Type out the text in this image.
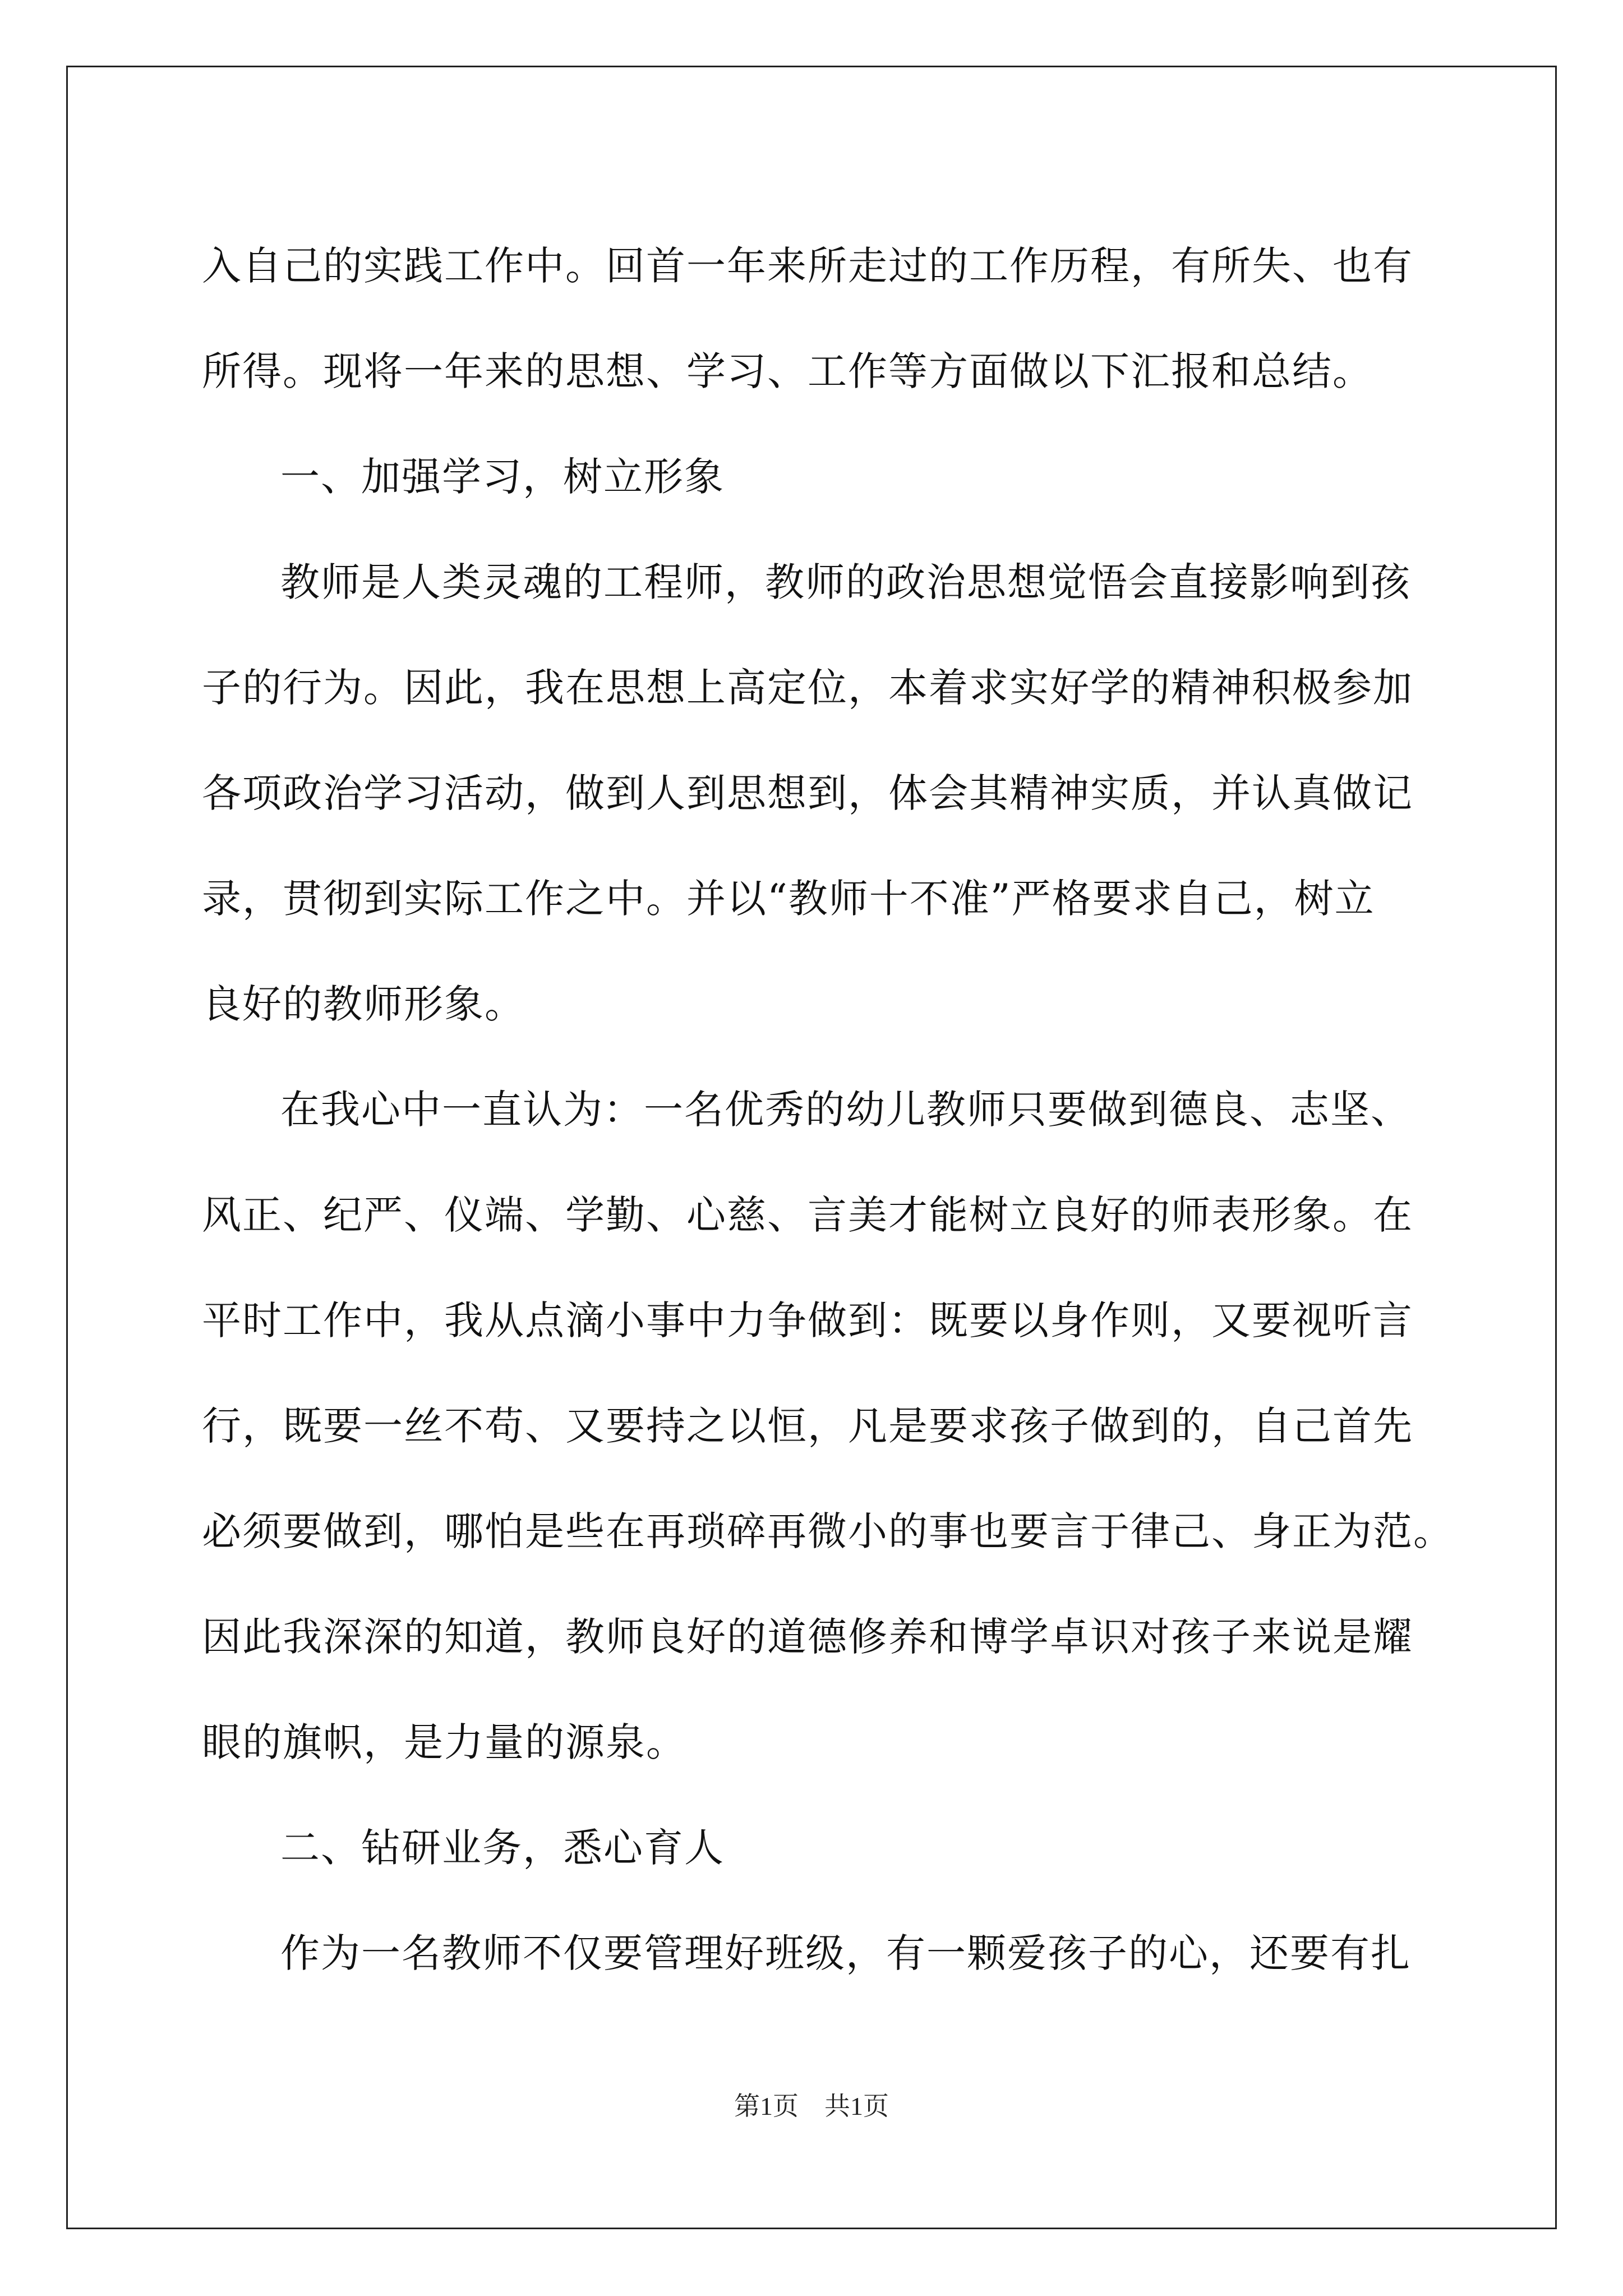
入自己的实践工作中。回首一年来所走过的工作历程，有所失、也有
所得。现将一年来的思想、学习、工作等方面做以下汇报和总结。
一、加强学习，树立形象
教师是人类灵魂的工程师，教师的政治思想觉悟会直接影响到孩
子的行为。因此，我在思想上高定位，本着求实好学的精神积极参加
各项政治学习活动，做到人到思想到，体会其精神实质，并认真做记
录，贯彻到实际工作之中。并以“教师十不准”严格要求自己，树立
良好的教师形象。
在我心中一直认为：一名优秀的幼儿教师只要做到德良、志坚、
风正、纪严、仪端、学勤、心慈、言美才能树立良好的师表形象。在
平时工作中，我从点滴小事中力争做到：既要以身作则，又要视听言
行，既要一丝不苟、又要持之以恒，凡是要求孩子做到的，自己首先
必须要做到，哪怕是些在再琐碎再微小的事也要言于律己、身正为范。
因此我深深的知道，教师良好的道德修养和博学卓识对孩子来说是耀
眼的旗帜，是力量的源泉。
二、钻研业务，悉心育人
作为一名教师不仅要管理好班级，有一颗爱孩子的心，还要有扎
第1页　共1页
